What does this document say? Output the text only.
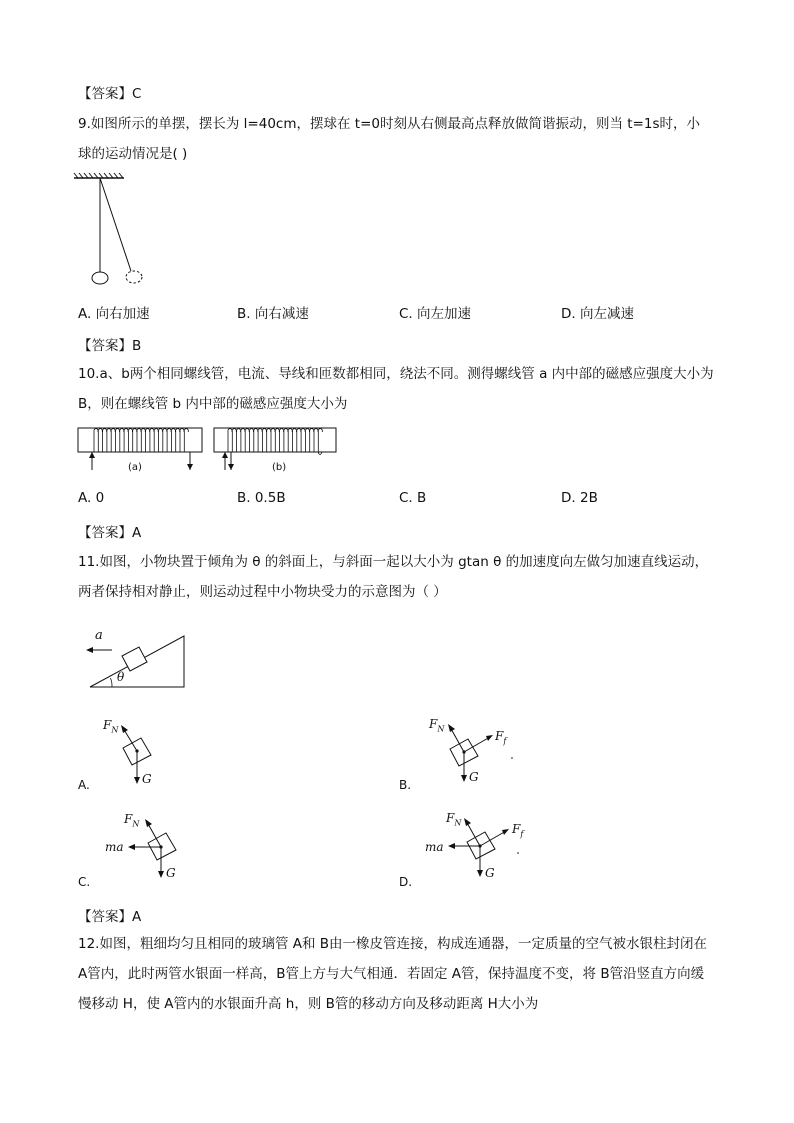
【答案】C
9.如图所示的单摆，摆长为 l=40cm，摆球在 t=0时刻从右侧最高点释放做简谐振动，则当 t=1s时，小
球的运动情况是( )
A. 向右加速	B. 向右减速	C. 向左加速	D. 向左减速
【答案】B
10.a、b两个相同螺线管，电流、导线和匝数都相同，绕法不同。测得螺线管 a 内中部的磁感应强度大小为
B，则在螺线管 b 内中部的磁感应强度大小为
(a)	(b)
A. 0	B. 0.5B	C. B	D. 2B
【答案】A
11.如图，小物块置于倾角为 θ 的斜面上，与斜面一起以大小为 gtan θ 的加速度向左做匀加速直线运动，
两者保持相对静止，则运动过程中小物块受力的示意图为（ ）
a
θ
$F_N$
G
A.
$F_N$
$F_f$
G
B.
$F_N$
ma
G
C.
$F_N$	$F_f$
ma
G
D.
【答案】A
12.如图，粗细均匀且相同的玻璃管 A和 B由一橡皮管连接，构成连通器，一定质量的空气被水银柱封闭在
A管内，此时两管水银面一样高，B管上方与大气相通．若固定 A管，保持温度不变，将 B管沿竖直方向缓
慢移动 H，使 A管内的水银面升高 h，则 B管的移动方向及移动距离 H大小为
